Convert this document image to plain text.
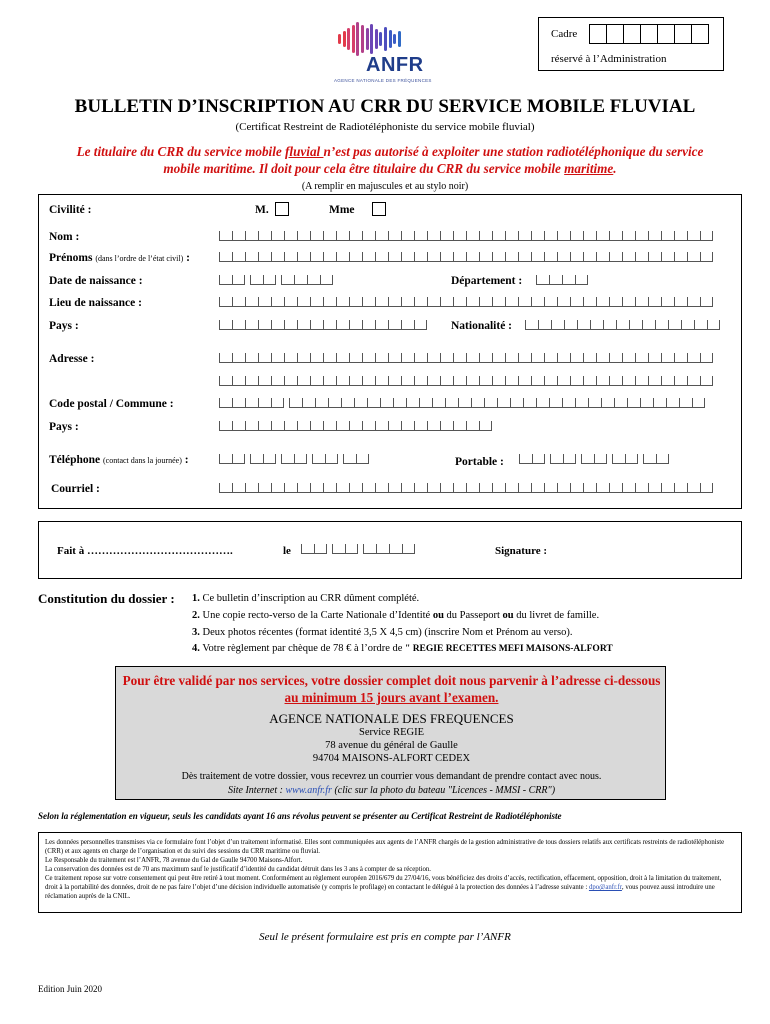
ANFR
AGENCE NATIONALE DES FRÉQUENCES
Cadre
réservé à l’Administration
BULLETIN D’INSCRIPTION AU CRR DU SERVICE MOBILE FLUVIAL
(Certificat Restreint de Radiotéléphoniste du service mobile fluvial)
Le titulaire du CRR du service mobile fluvial n’est pas autorisé à exploiter une station radiotéléphonique du service mobile maritime. Il doit pour cela être titulaire du CRR du service mobile maritime.
(A remplir en majuscules et au stylo noir)
Civilité :	M.	Mme
Nom :
Prénoms (dans l’ordre de l’état civil) :
Date de naissance :	Département :
Lieu de naissance :
Pays :	Nationalité :
Adresse :
Code postal / Commune :
Pays :
Téléphone (contact dans la journée) :	Portable :
Courriel :
Fait à ………………………………….	le	Signature :
Constitution du dossier : 1. Ce bulletin d’inscription au CRR dûment complété.
2. Une copie recto-verso de la Carte Nationale d’Identité ou du Passeport ou du livret de famille.
3. Deux photos récentes (format identité 3,5 X 4,5 cm) (inscrire Nom et Prénom au verso).
4. Votre règlement par chèque de 78 € à l’ordre de " REGIE RECETTES MEFI MAISONS-ALFORT
Pour être validé par nos services, votre dossier complet doit nous parvenir à l’adresse ci-dessous au minimum 15 jours avant l’examen.
AGENCE NATIONALE DES FREQUENCES
Service REGIE
78 avenue du général de Gaulle
94704 MAISONS-ALFORT CEDEX
Dès traitement de votre dossier, vous recevrez un courrier vous demandant de prendre contact avec nous.
Site Internet : www.anfr.fr (clic sur la photo du bateau "Licences - MMSI - CRR")
Selon la réglementation en vigueur, seuls les candidats ayant 16 ans révolus peuvent se présenter au Certificat Restreint de Radiotéléphoniste
Les données personnelles transmises via ce formulaire font l’objet d’un traitement informatisé. Elles sont communiquées aux agents de l’ANFR chargés de la gestion administrative de tous dossiers relatifs aux certificats restreints de radiotéléphoniste (CRR) et aux agents en charge de l’organisation et du suivi des sessions du CRR maritime ou fluvial.
Le Responsable du traitement est l’ANFR, 78 avenue du Gal de Gaulle 94700 Maisons-Alfort.
La conservation des données est de 70 ans maximum sauf le justificatif d’identité du candidat détruit dans les 3 ans à compter de sa réception.
Ce traitement repose sur votre consentement qui peut être retiré à tout moment. Conformément au règlement européen 2016/679 du 27/04/16, vous bénéficiez des droits d’accès, rectification, effacement, opposition, droit à la limitation du traitement, droit à la portabilité des données, droit de ne pas faire l’objet d’une décision individuelle automatisée (y compris le profilage) en contactant le délégué à la protection des données à l’adresse suivante : dpo@anfr.fr, vous pouvez aussi introduire une réclamation auprès de la CNIL.
Seul le présent formulaire est pris en compte par l’ANFR
Edition Juin 2020
